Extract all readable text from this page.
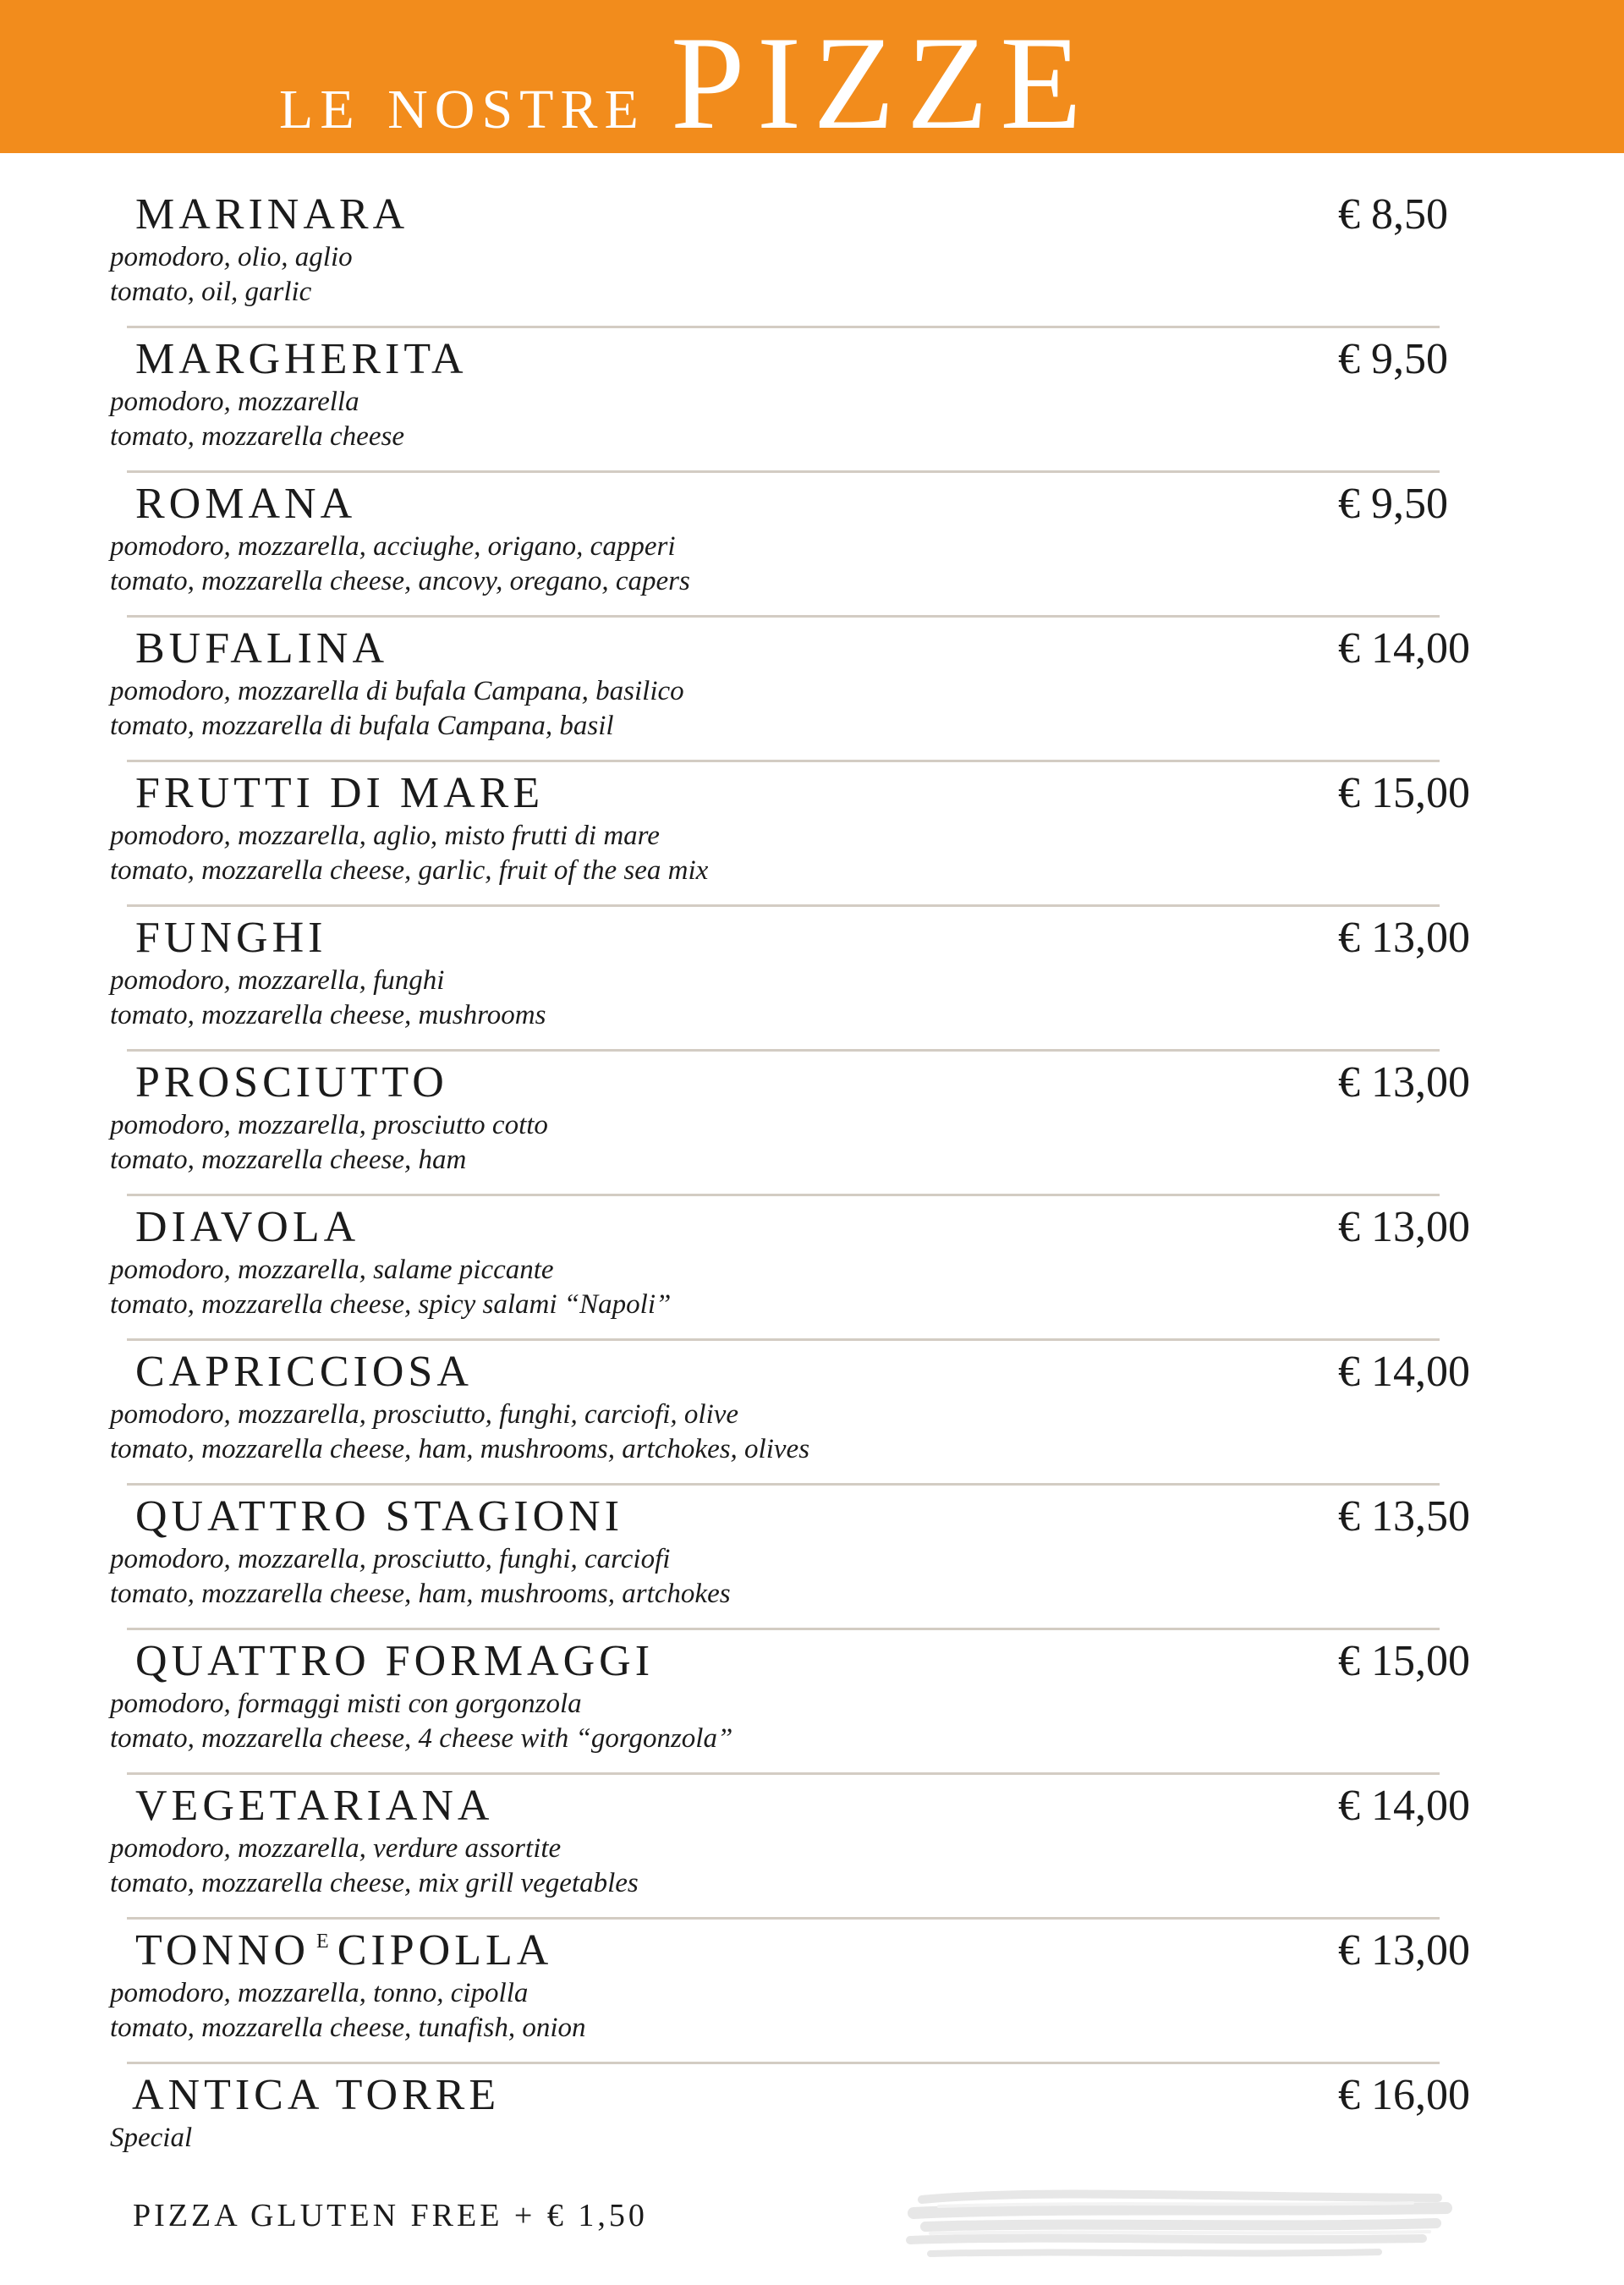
le nostre PIZZE
MARINARA	€ 8,50
pomodoro, olio, aglio
tomato, oil, garlic
MARGHERITA	€ 9,50
pomodoro, mozzarella
tomato, mozzarella cheese
ROMANA	€ 9,50
pomodoro, mozzarella, acciughe, origano, capperi
tomato, mozzarella cheese, ancovy, oregano, capers
BUFALINA	€ 14,00
pomodoro, mozzarella di bufala Campana, basilico
tomato, mozzarella di bufala Campana, basil
FRUTTI DI MARE	€ 15,00
pomodoro, mozzarella, aglio, misto frutti di mare
tomato, mozzarella cheese, garlic, fruit of the sea mix
FUNGHI	€ 13,00
pomodoro, mozzarella, funghi
tomato, mozzarella cheese, mushrooms
PROSCIUTTO	€ 13,00
pomodoro, mozzarella, prosciutto cotto
tomato, mozzarella cheese, ham
DIAVOLA	€ 13,00
pomodoro, mozzarella, salame piccante
tomato, mozzarella cheese, spicy salami “Napoli”
CAPRICCIOSA	€ 14,00
pomodoro, mozzarella, prosciutto, funghi, carciofi, olive
tomato, mozzarella cheese, ham, mushrooms, artchokes, olives
QUATTRO STAGIONI	€ 13,50
pomodoro, mozzarella, prosciutto, funghi, carciofi
tomato, mozzarella cheese, ham, mushrooms, artchokes
QUATTRO FORMAGGI	€ 15,00
pomodoro, formaggi misti con gorgonzola
tomato, mozzarella cheese, 4 cheese with “gorgonzola”
VEGETARIANA	€ 14,00
pomodoro, mozzarella, verdure assortite
tomato, mozzarella cheese, mix grill vegetables
TONNO $^E$ CIPOLLA	€ 13,00
pomodoro, mozzarella, tonno, cipolla
tomato, mozzarella cheese, tunafish, onion
ANTICA TORRE	€ 16,00
Special
PIZZA GLUTEN FREE + € 1,50
